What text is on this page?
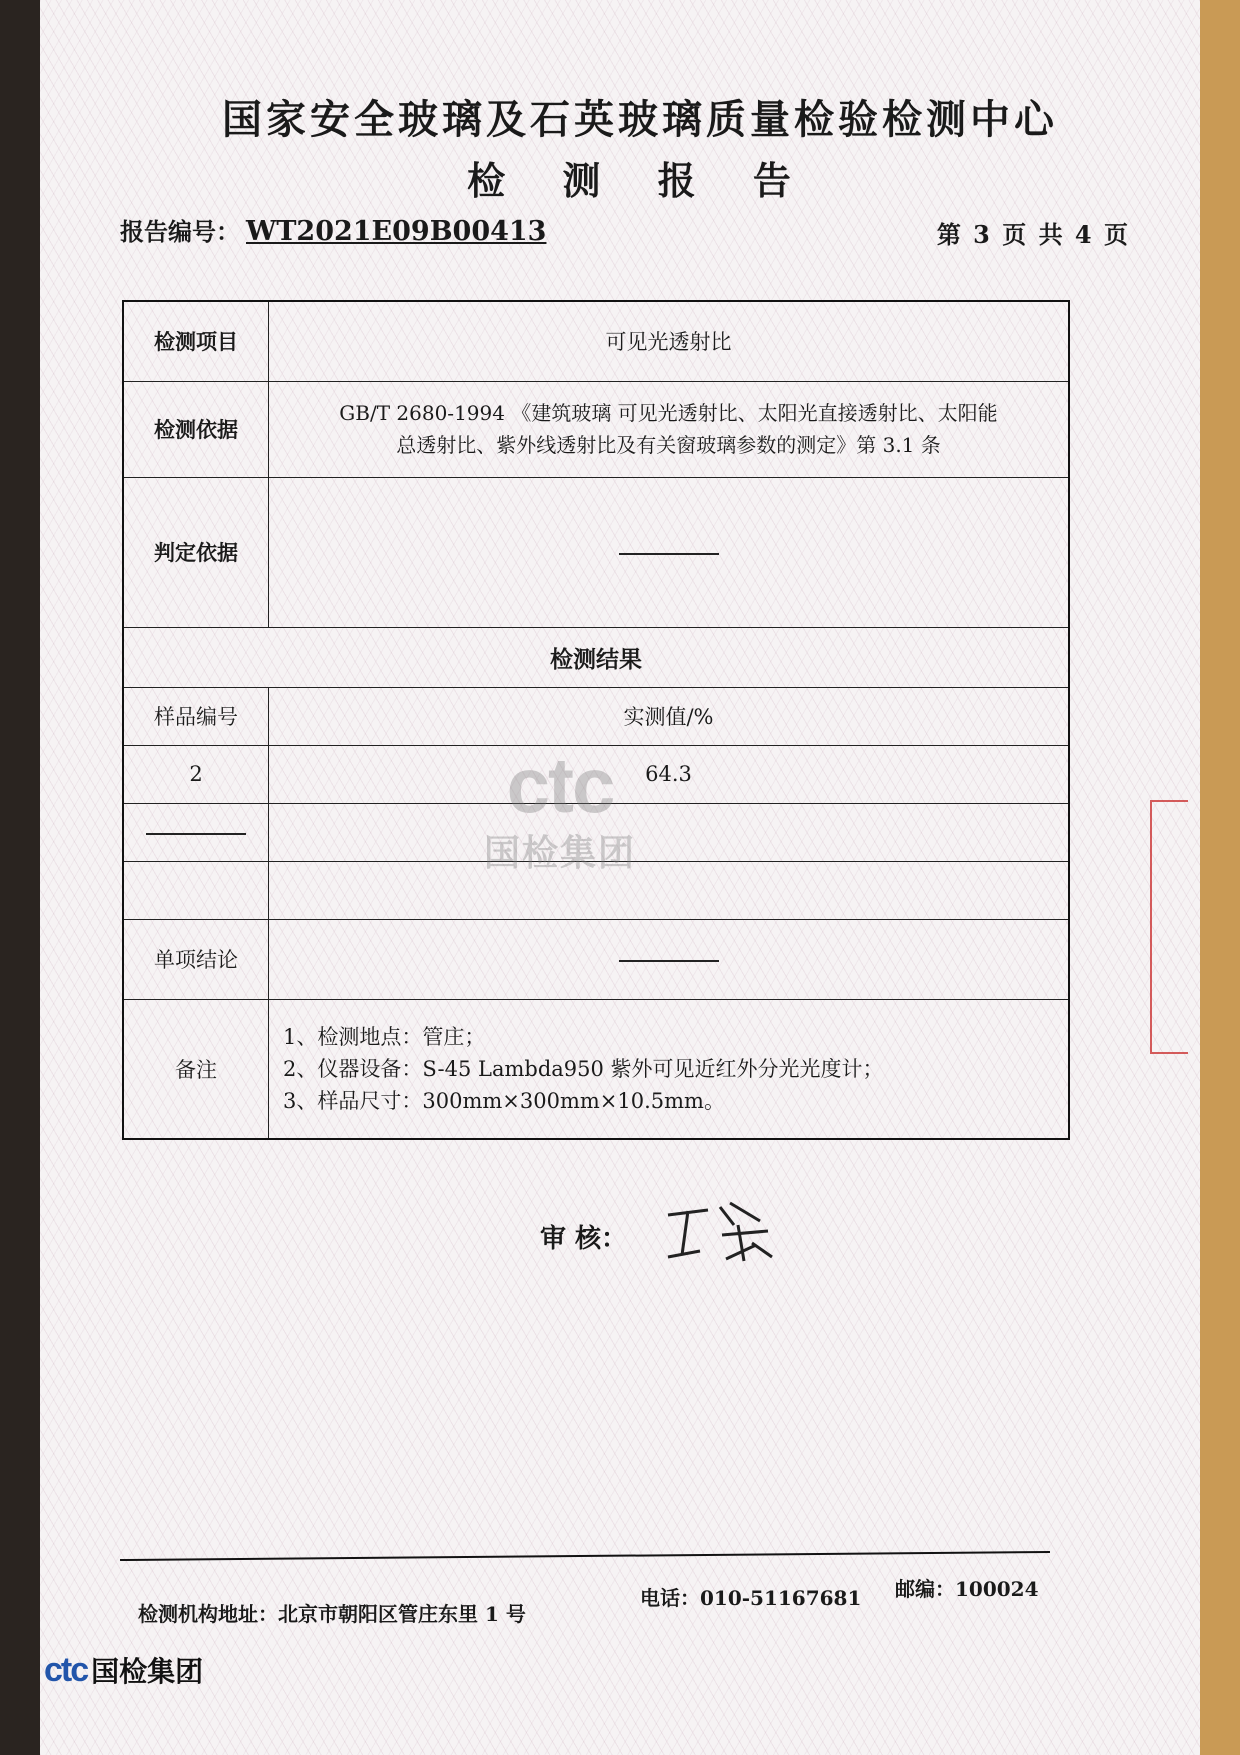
国家安全玻璃及石英玻璃质量检验检测中心
检 测 报 告
报告编号： WT2021E09B00413	第 3 页 共 4 页
检测项目	可见光透射比
检测依据	GB/T 2680-1994 《建筑玻璃 可见光透射比、太阳光直接透射比、太阳能
总透射比、紫外线透射比及有关窗玻璃参数的测定》第 3.1 条

判定依据	
检测结果	
样品编号	实测值/%
2	64.3

单项结论	
备注	1、检测地点：管庄；
2、仪器设备：S-45 Lambda950 紫外可见近红外分光光度计；
3、样品尺寸：300mm×300mm×10.5mm。
ctc
国检集团
审 核：
检测机构地址：北京市朝阳区管庄东里 1 号
电话：010-51167681 邮编：100024
ctc 国检集团
